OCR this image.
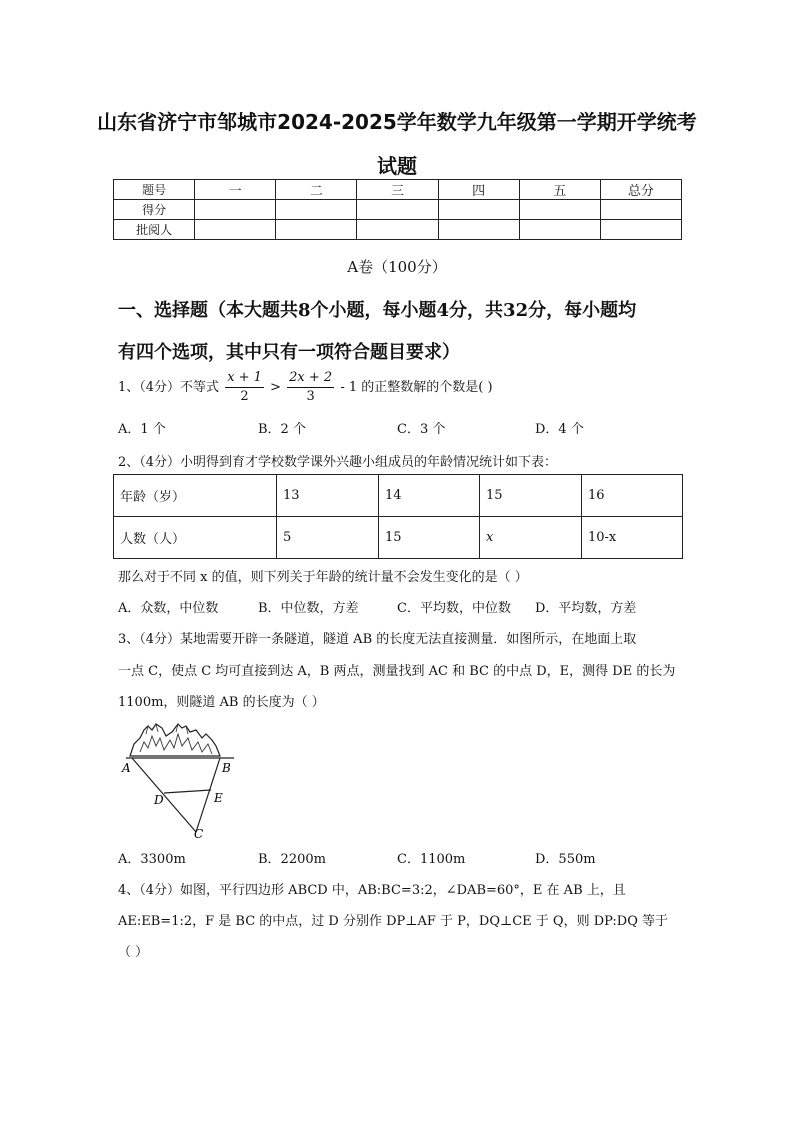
山东省济宁市邹城市2024-2025学年数学九年级第一学期开学统考
试题
题号	一	二	三	四	五	总分
得分						
批阅人						
A卷（100分）
一、选择题（本大题共8个小题，每小题4分，共32分，每小题均
有四个选项，其中只有一项符合题目要求）
1、（4分）不等式 $\frac{x + 1}{2} > \frac{2x + 2}{3} - 1$ 的正整数解的个数是( )
A．1 个	B．2 个	C．3 个	D．4 个
2、（4分）小明得到育才学校数学课外兴趣小组成员的年龄情况统计如下表：
年龄（岁）	13	14	15	16
人数（人）	5	15	x	10-x
那么对于不同 x 的值，则下列关于年龄的统计量不会发生变化的是（ ）
A．众数，中位数	B．中位数，方差	C．平均数，中位数 D．平均数，方差
3、（4分）某地需要开辟一条隧道，隧道 AB 的长度无法直接测量．如图所示，在地面上取
一点 C，使点 C 均可直接到达 A，B 两点，测量找到 AC 和 BC 的中点 D，E，测得 DE 的长为
1100m，则隧道 AB 的长度为（ ）
A	B
D	E
C
A．3300m	B．2200m	C．1100m	D．550m
4、（4分）如图，平行四边形 ABCD 中，AB:BC=3:2，∠DAB=60°，E 在 AB 上，且
AE:EB=1:2，F 是 BC 的中点，过 D 分别作 DP⊥AF 于 P，DQ⊥CE 于 Q，则 DP:DQ 等于
（ ）
